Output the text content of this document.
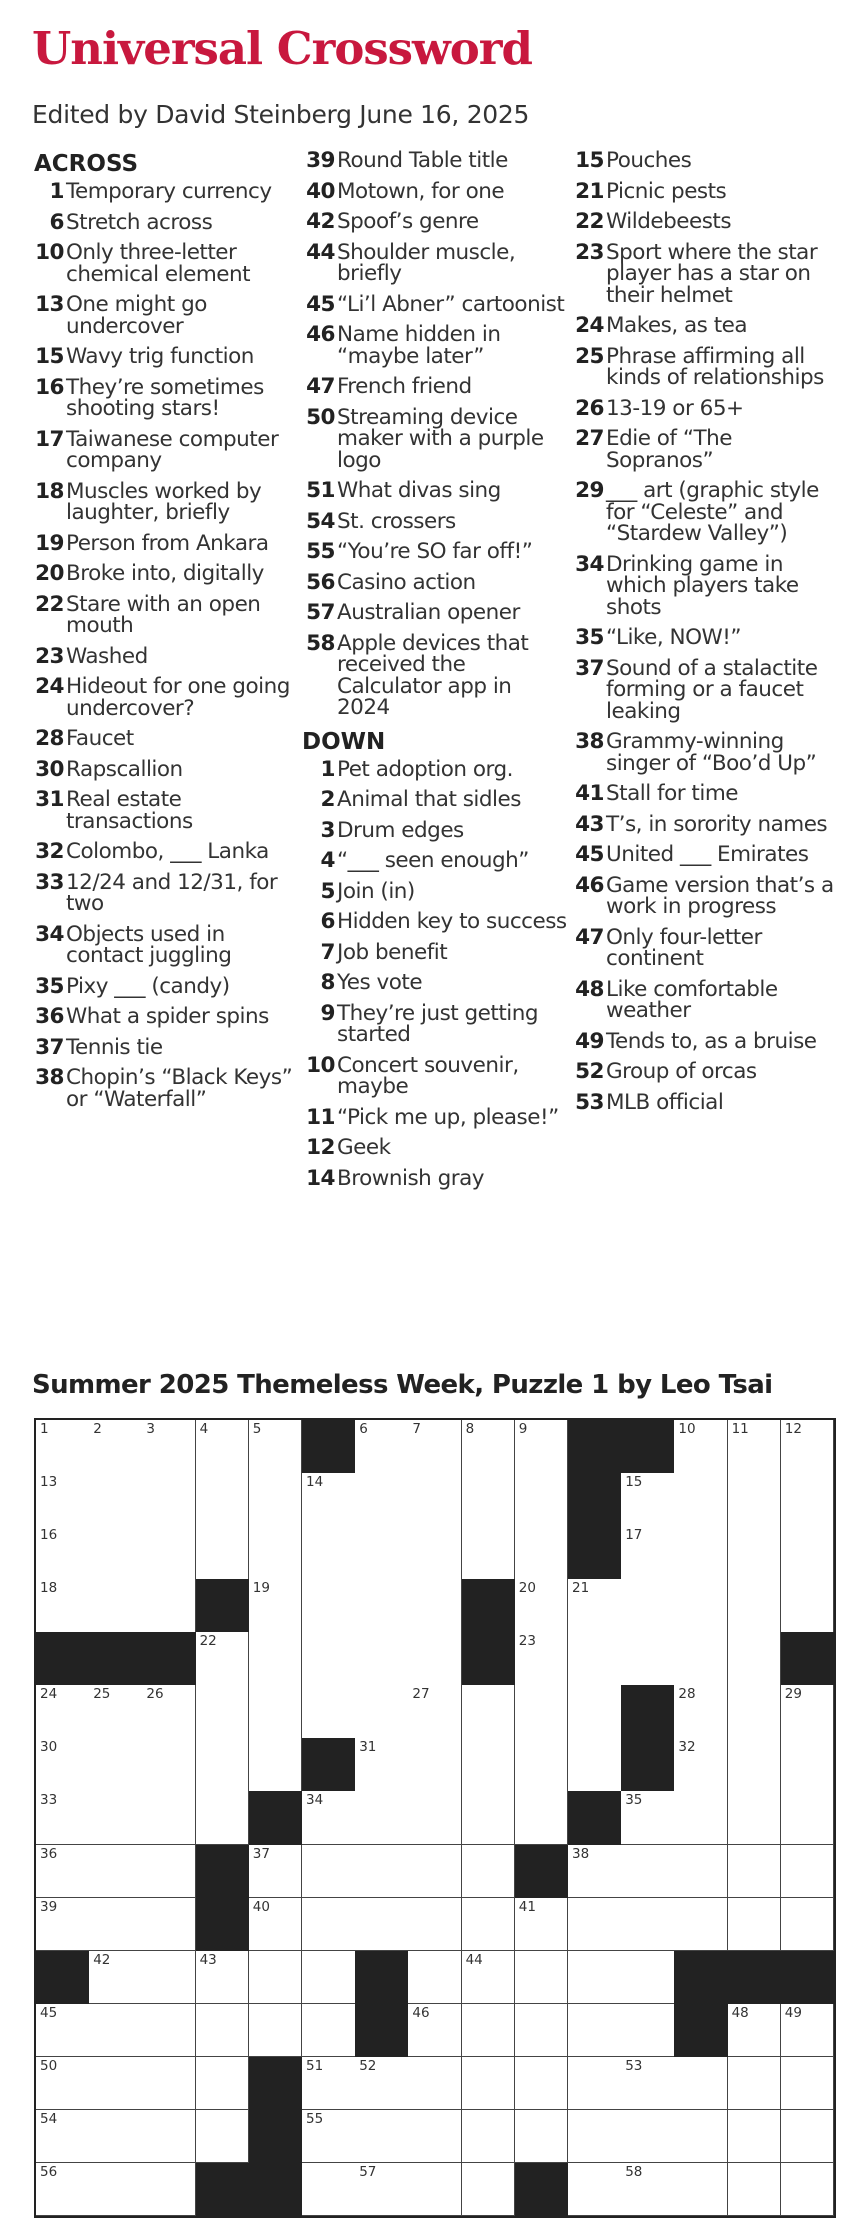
Universal Crossword
Edited by David Steinberg June 16, 2025
ACROSS
1 Temporary currency
6 Stretch across
10 Only three-letter chemical element
13 One might go undercover
15 Wavy trig function
16 They’re sometimes shooting stars!
17 Taiwanese computer company
18 Muscles worked by laughter, briefly
19 Person from Ankara
20 Broke into, digitally
22 Stare with an open mouth
23 Washed
24 Hideout for one going undercover?
28 Faucet
30 Rapscallion
31 Real estate transactions
32 Colombo, ___ Lanka
33 12/24 and 12/31, for two
34 Objects used in contact juggling
35 Pixy ___ (candy)
36 What a spider spins
37 Tennis tie
38 Chopin’s “Black Keys” or “Waterfall”
39 Round Table title
40 Motown, for one
42 Spoof’s genre
44 Shoulder muscle, briefly
45 “Li’l Abner” cartoonist
46 Name hidden in “maybe later”
47 French friend
50 Streaming device maker with a purple logo
51 What divas sing
54 St. crossers
55 “You’re SO far off!”
56 Casino action
57 Australian opener
58 Apple devices that received the Calculator app in 2024
DOWN
1 Pet adoption org.
2 Animal that sidles
3 Drum edges
4 “___ seen enough”
5 Join (in)
6 Hidden key to success
7 Job benefit
8 Yes vote
9 They’re just getting started
10 Concert souvenir, maybe
11 “Pick me up, please!”
12 Geek
14 Brownish gray
15 Pouches
21 Picnic pests
22 Wildebeests
23 Sport where the star player has a star on their helmet
24 Makes, as tea
25 Phrase affirming all kinds of relationships
26 13-19 or 65+
27 Edie of “The Sopranos”
29 ___ art (graphic style for “Celeste” and “Stardew Valley”)
34 Drinking game in which players take shots
35 “Like, NOW!”
37 Sound of a stalactite forming or a faucet leaking
38 Grammy-winning singer of “Boo’d Up”
41 Stall for time
43 T’s, in sorority names
45 United ___ Emirates
46 Game version that’s a work in progress
47 Only four-letter continent
48 Like comfortable weather
49 Tends to, as a bruise
52 Group of orcas
53 MLB official
Summer 2025 Themeless Week, Puzzle 1 by Leo Tsai
1	2	3	4	5	6	7	8	9	10	11	12
13	14	15
16	17
18	19	20	21
22	23
24	25	26	27	28	29
30	31	32
33	34	35
36	37	38
39	40	41
42	43	44
45	46	48	49
50	51	52	53
54	55
56	57	58
